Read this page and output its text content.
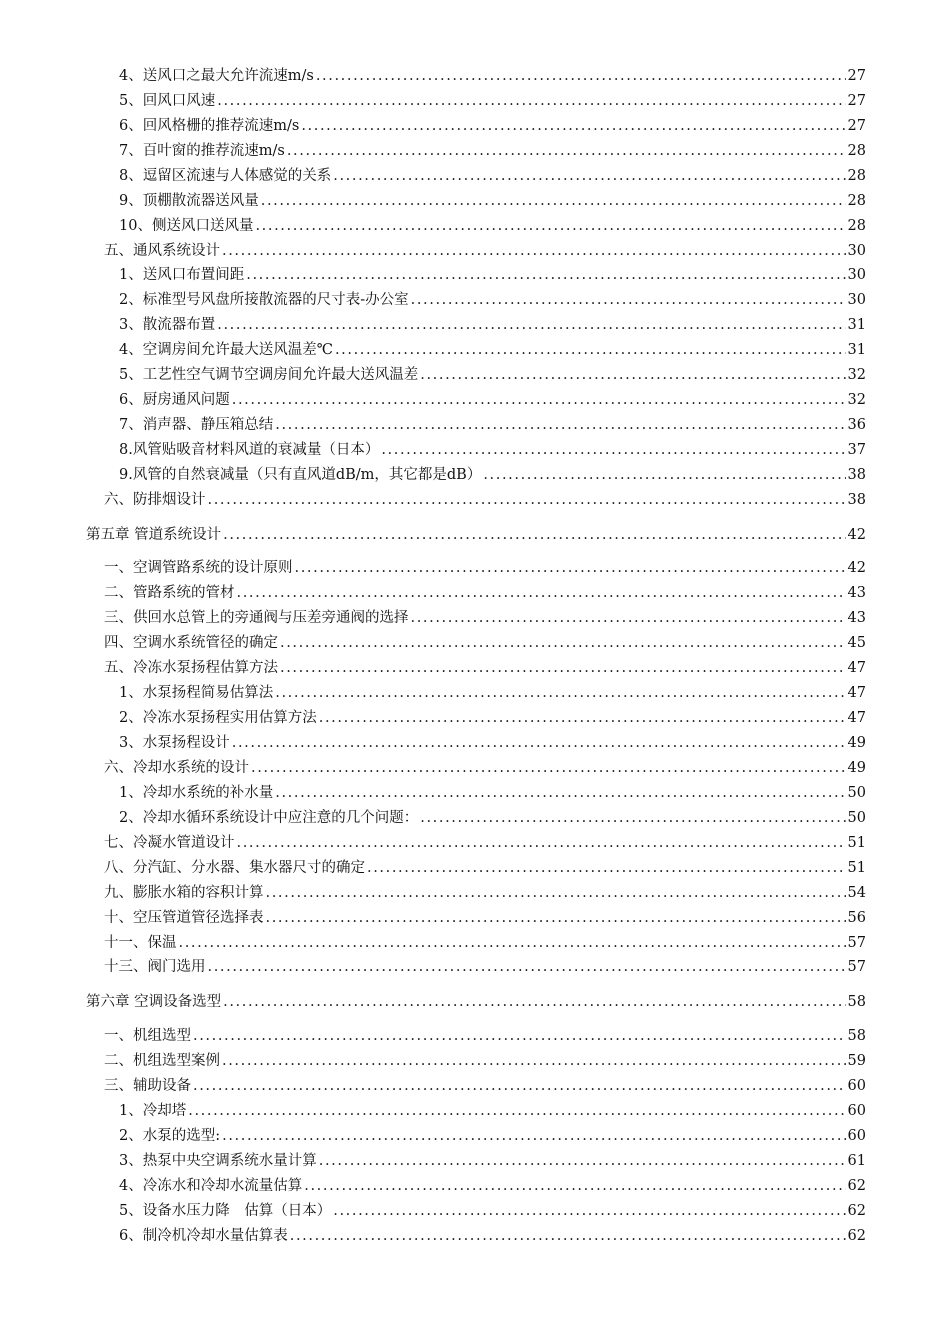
4、送风口之最大允许流速m/s .....	27
5、回风口风速 .....	27
6、回风格栅的推荐流速m/s .....	27
7、百叶窗的推荐流速m/s .....	28
8、逗留区流速与人体感觉的关系 .....	28
9、顶棚散流器送风量 .....	28
10、侧送风口送风量 .....	28
五、通风系统设计 .....	30
1、送风口布置间距 .....	30
2、标准型号风盘所接散流器的尺寸表-办公室 .....	30
3、散流器布置 .....	31
4、空调房间允许最大送风温差℃ .....	31
5、工艺性空气调节空调房间允许最大送风温差 .....	32
6、厨房通风问题 .....	32
7、消声器、静压箱总结 .....	36
8.风管贴吸音材料风道的衰减量（日本） .....	37
9.风管的自然衰减量（只有直风道dB/m，其它都是dB） .....	38
六、防排烟设计 .....	38
第五章 管道系统设计 .....	42
一、空调管路系统的设计原则 .....	42
二、管路系统的管材 .....	43
三、供回水总管上的旁通阀与压差旁通阀的选择 .....	43
四、空调水系统管径的确定 .....	45
五、冷冻水泵扬程估算方法 .....	47
1、水泵扬程简易估算法 .....	47
2、冷冻水泵扬程实用估算方法 .....	47
3、水泵扬程设计 .....	49
六、冷却水系统的设计 .....	49
1、冷却水系统的补水量 .....	50
2、冷却水循环系统设计中应注意的几个问题： .....	50
七、冷凝水管道设计 .....	51
八、分汽缸、分水器、集水器尺寸的确定 .....	51
九、膨胀水箱的容积计算 .....	54
十、空压管道管径选择表 .....	56
十一、保温 .....	57
十三、阀门选用 .....	57
第六章 空调设备选型 .....	58
一、机组选型 .....	58
二、机组选型案例 .....	59
三、辅助设备 .....	60
1、冷却塔 .....	60
2、水泵的选型: .....	60
3、热泵中央空调系统水量计算 .....	61
4、冷冻水和冷却水流量估算 .....	62
5、设备水压力降　估算（日本） .....	62
6、制冷机冷却水量估算表 .....	62
